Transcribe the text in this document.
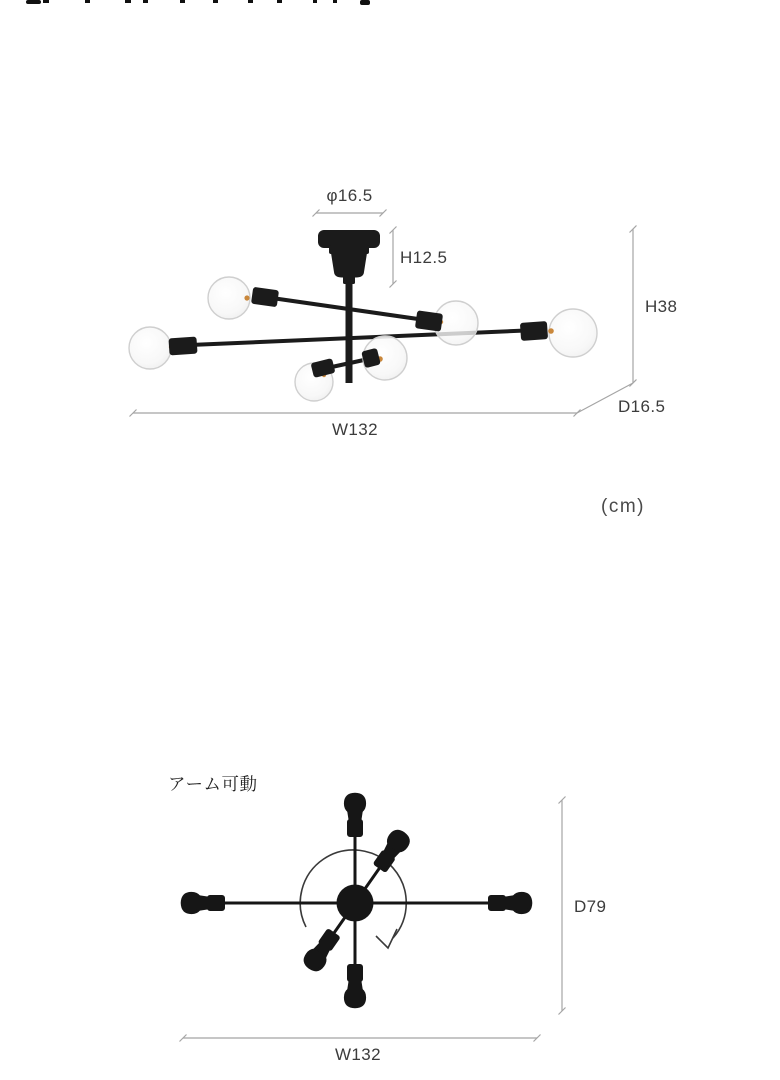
φ16.5
H12.5
H38
D16.5
W132
(cm)
アーム可動
D79
W132
